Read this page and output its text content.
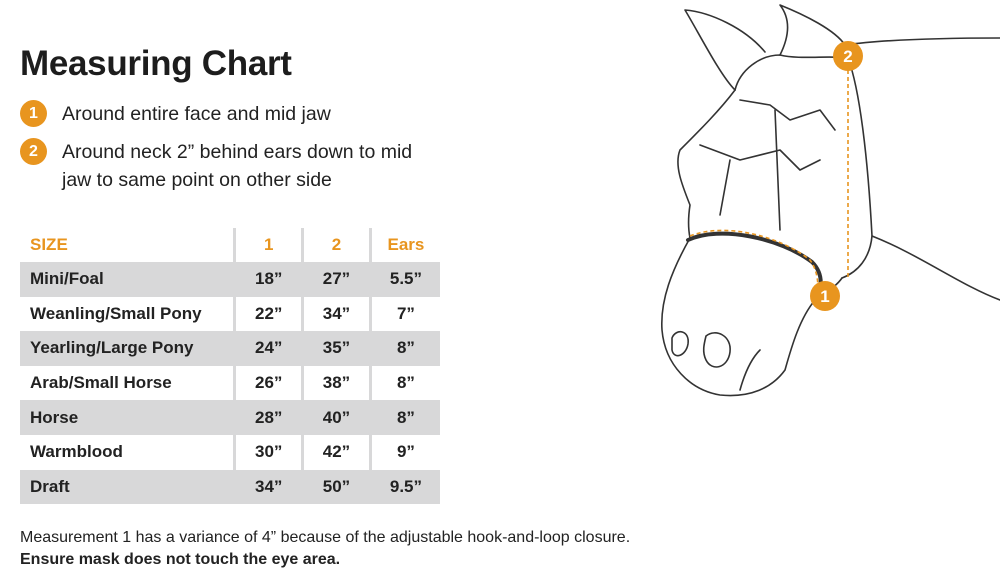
Measuring Chart
1	Around entire face and mid jaw
2	Around neck 2” behind ears down to mid jaw to same point on other side
SIZE	1	2	Ears
Mini/Foal	18”	27”	5.5”
Weanling/Small Pony	22”	34”	7”
Yearling/Large Pony	24”	35”	8”
Arab/Small Horse	26”	38”	8”
Horse	28”	40”	8”
Warmblood	30”	42”	9”
Draft	34”	50”	9.5”
Measurement 1 has a variance of 4” because of the adjustable hook-and-loop closure. Ensure mask does not touch the eye area.
1
2
